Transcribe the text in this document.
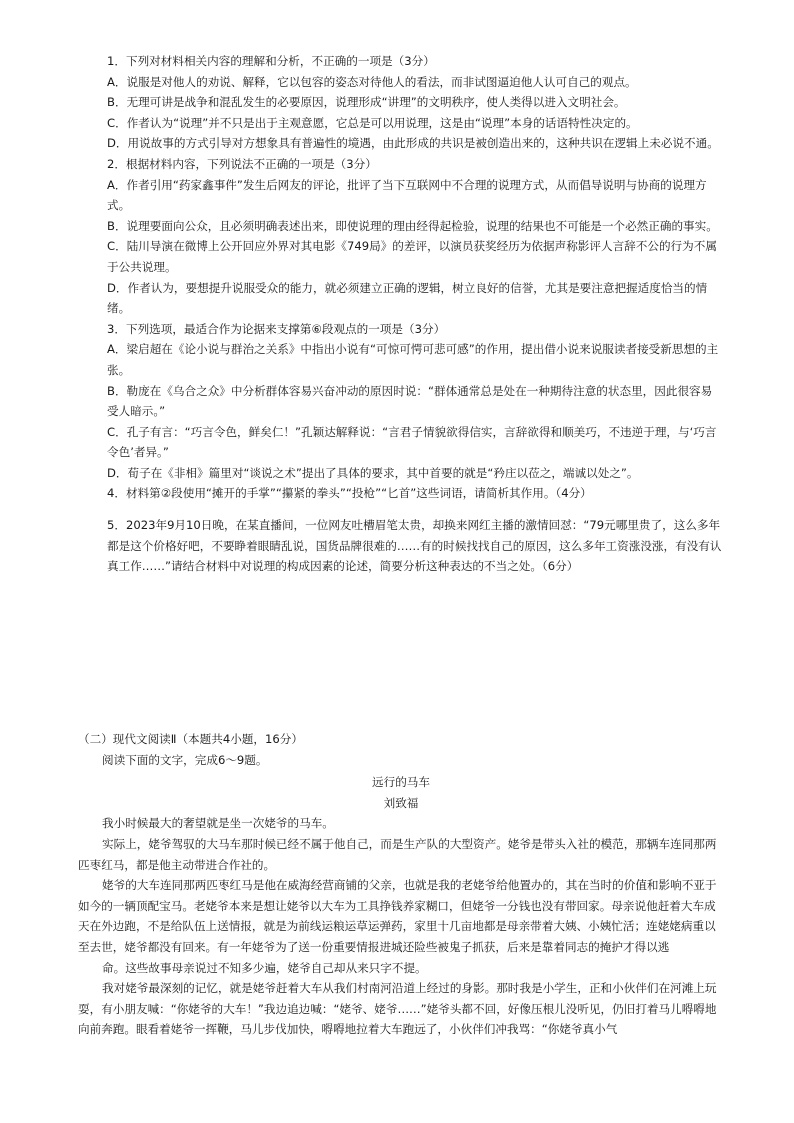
1．下列对材料相关内容的理解和分析，不正确的一项是（3分）

A．说服是对他人的劝说、解释，它以包容的姿态对待他人的看法，而非试图逼迫他人认可自己的观点。

B．无理可讲是战争和混乱发生的必要原因，说理形成“讲理”的文明秩序，使人类得以进入文明社会。

C．作者认为“说理”并不只是出于主观意愿，它总是可以用说理，这是由“说理”本身的话语特性决定的。

D．用说故事的方式引导对方想象具有普遍性的境遇，由此形成的共识是被创造出来的，这种共识在逻辑上未必说不通。

2．根据材料内容，下列说法不正确的一项是（3分）

A．作者引用“药家鑫事件”发生后网友的评论，批评了当下互联网中不合理的说理方式，从而倡导说明与协商的说理方式。

B．说理要面向公众，且必须明确表述出来，即使说理的理由经得起检验，说理的结果也不可能是一个必然正确的事实。

C．陆川导演在微博上公开回应外界对其电影《749局》的差评，以演员获奖经历为依据声称影评人言辞不公的行为不属于公共说理。

D．作者认为，要想提升说服受众的能力，就必须建立正确的逻辑，树立良好的信誉，尤其是要注意把握适度恰当的情绪。

3．下列选项，最适合作为论据来支撑第⑥段观点的一项是（3分）

A．梁启超在《论小说与群治之关系》中指出小说有“可惊可愕可悲可感”的作用，提出借小说来说服读者接受新思想的主张。

B．勒庞在《乌合之众》中分析群体容易兴奋冲动的原因时说：“群体通常总是处在一种期待注意的状态里，因此很容易受人暗示。”

C．孔子有言：“巧言令色，鲜矣仁！”孔颖达解释说：“言君子情貌欲得信实，言辞欲得和顺美巧，不违逆于理，与‘巧言令色’者异。”

D．荀子在《非相》篇里对“谈说之术”提出了具体的要求，其中首要的就是“矜庄以莅之，端诚以处之”。

4．材料第②段使用“摊开的手掌”“攥紧的拳头”“投枪”“匕首”这些词语，请简析其作用。（4分）

5．2023年9月10日晚，在某直播间，一位网友吐槽眉笔太贵，却换来网红主播的激情回怼：“79元哪里贵了，这么多年都是这个价格好吧，不要睁着眼睛乱说，国货品牌很难的……有的时候找找自己的原因，这么多年工资涨没涨，有没有认真工作……”请结合材料中对说理的构成因素的论述，简要分析这种表达的不当之处。（6分）

（二）现代文阅读Ⅱ（本题共4小题，16分）

阅读下面的文字，完成6～9题。

远行的马车

刘致福

我小时候最大的奢望就是坐一次姥爷的马车。

实际上，姥爷驾驭的大马车那时候已经不属于他自己，而是生产队的大型资产。姥爷是带头入社的模范，那辆车连同那两匹枣红马，都是他主动带进合作社的。

姥爷的大车连同那两匹枣红马是他在威海经营商铺的父亲，也就是我的老姥爷给他置办的，其在当时的价值和影响不亚于如今的一辆顶配宝马。老姥爷本来是想让姥爷以大车为工具挣钱养家糊口，但姥爷一分钱也没有带回家。母亲说他赶着大车成天在外边跑，不是给队伍上送情报，就是为前线运粮运草运弹药，家里十几亩地都是母亲带着大姨、小姨忙活；连姥姥病重以至去世，姥爷都没有回来。有一年姥爷为了送一份重要情报进城还险些被鬼子抓获，后来是靠着同志的掩护才得以逃

命。这些故事母亲说过不知多少遍，姥爷自己却从来只字不提。

我对姥爷最深刻的记忆，就是姥爷赶着大车从我们村南河沿道上经过的身影。那时我是小学生，正和小伙伴们在河滩上玩耍，有小朋友喊：“你姥爷的大车！”我边追边喊：“姥爷、姥爷……”姥爷头都不回，好像压根儿没听见，仍旧打着马儿嘚嘚地向前奔跑。眼看着姥爷一挥鞭，马儿步伐加快，嘚嘚地拉着大车跑远了，小伙伴们冲我骂：“你姥爷真小气
